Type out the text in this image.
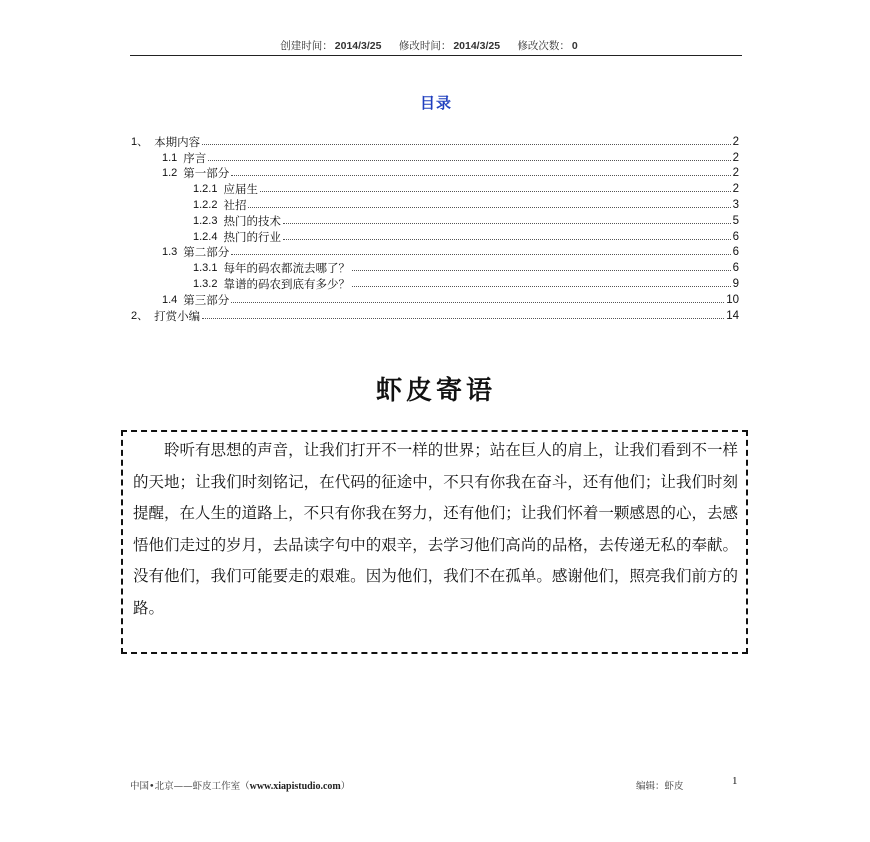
创建时间： 2014/3/25 修改时间： 2014/3/25 修改次数： 0
目录
1、 本期内容	2
1.1 序言	2
1.2 第一部分	2
1.2.1 应届生	2
1.2.2 社招	3
1.2.3 热门的技术	5
1.2.4 热门的行业	6
1.3 第二部分	6
1.3.1 每年的码农都流去哪了？	6
1.3.2 靠谱的码农到底有多少？	9
1.4 第三部分	10
2、 打赏小编	14
虾皮寄语
聆听有思想的声音，让我们打开不一样的世界；站在巨人的肩上，让我们看到不一样的天地；让我们时刻铭记，在代码的征途中，不只有你我在奋斗，还有他们；让我们时刻提醒，在人生的道路上，不只有你我在努力，还有他们；让我们怀着一颗感恩的心，去感悟他们走过的岁月，去品读字句中的艰辛，去学习他们高尚的品格，去传递无私的奉献。没有他们，我们可能要走的艰难。因为他们，我们不在孤单。感谢他们，照亮我们前方的路。
中国•北京——虾皮工作室（www.xiapistudio.com）	编辑：虾皮	1
